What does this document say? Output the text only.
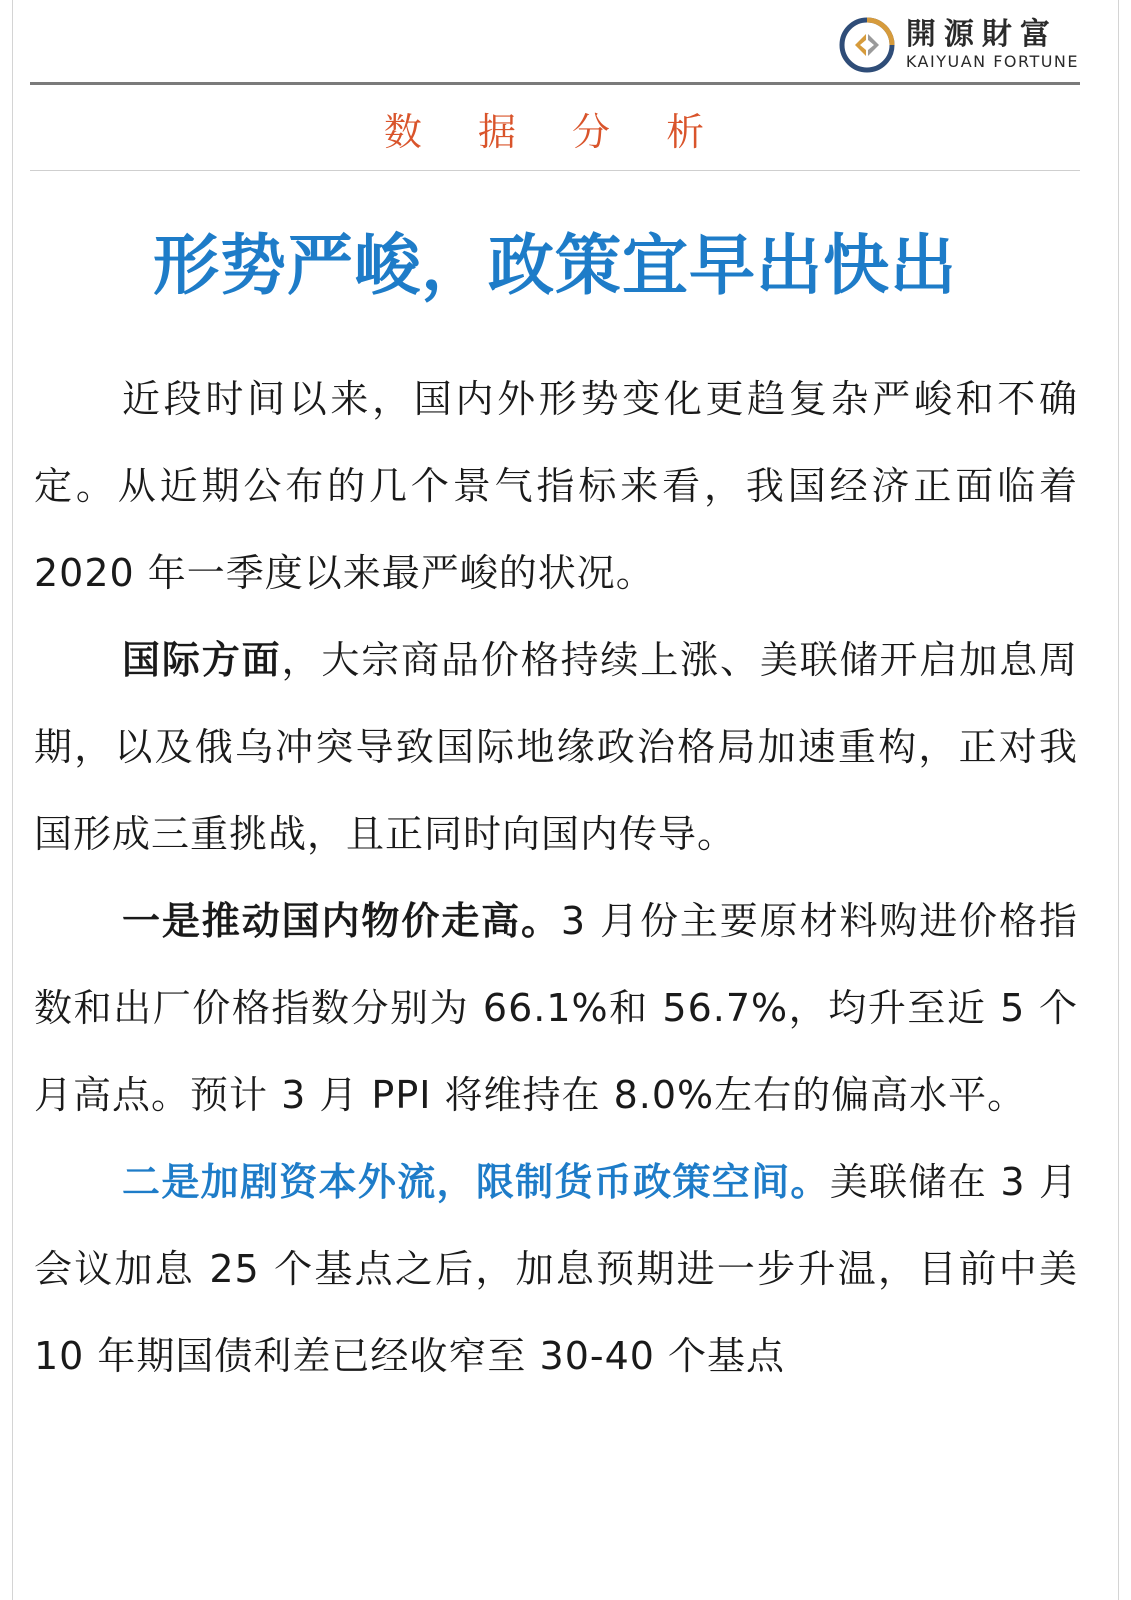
開源財富
KAIYUAN FORTUNE
数 据 分 析
形势严峻，政策宜早出快出

近段时间以来，国内外形势变化更趋复杂严峻和不确定。从近期公布的几个景气指标来看，我国经济正面临着 2020 年一季度以来最严峻的状况。

国际方面，大宗商品价格持续上涨、美联储开启加息周期，以及俄乌冲突导致国际地缘政治格局加速重构，正对我国形成三重挑战，且正同时向国内传导。

一是推动国内物价走高。3 月份主要原材料购进价格指数和出厂价格指数分别为 66.1%和 56.7%，均升至近 5 个月高点。预计 3 月 PPI 将维持在 8.0%左右的偏高水平。

二是加剧资本外流，限制货币政策空间。美联储在 3 月会议加息 25 个基点之后，加息预期进一步升温，目前中美 10 年期国债利差已经收窄至 30-40 个基点
